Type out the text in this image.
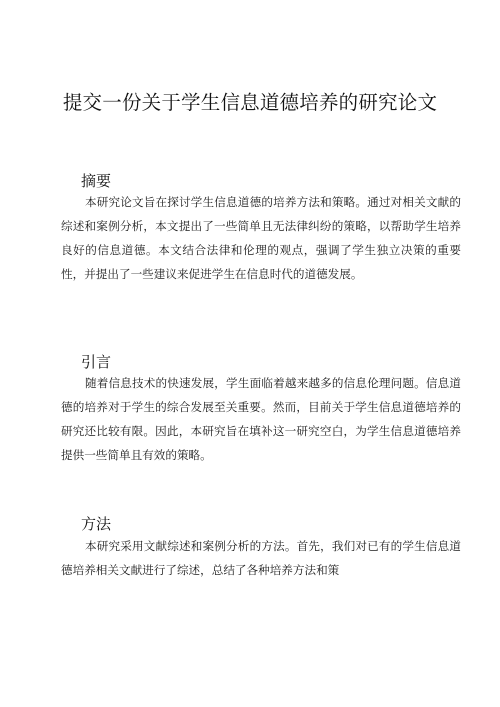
提交一份关于学生信息道德培养的研究论文
摘要

本研究论文旨在探讨学生信息道德的培养方法和策略。通过对相关文献的综述和案例分析，本文提出了一些简单且无法律纠纷的策略，以帮助学生培养良好的信息道德。本文结合法律和伦理的观点，强调了学生独立决策的重要性，并提出了一些建议来促进学生在信息时代的道德发展。

引言

随着信息技术的快速发展，学生面临着越来越多的信息伦理问题。信息道德的培养对于学生的综合发展至关重要。然而，目前关于学生信息道德培养的研究还比较有限。因此，本研究旨在填补这一研究空白，为学生信息道德培养提供一些简单且有效的策略。

方法

本研究采用文献综述和案例分析的方法。首先，我们对已有的学生信息道德培养相关文献进行了综述，总结了各种培养方法和策
